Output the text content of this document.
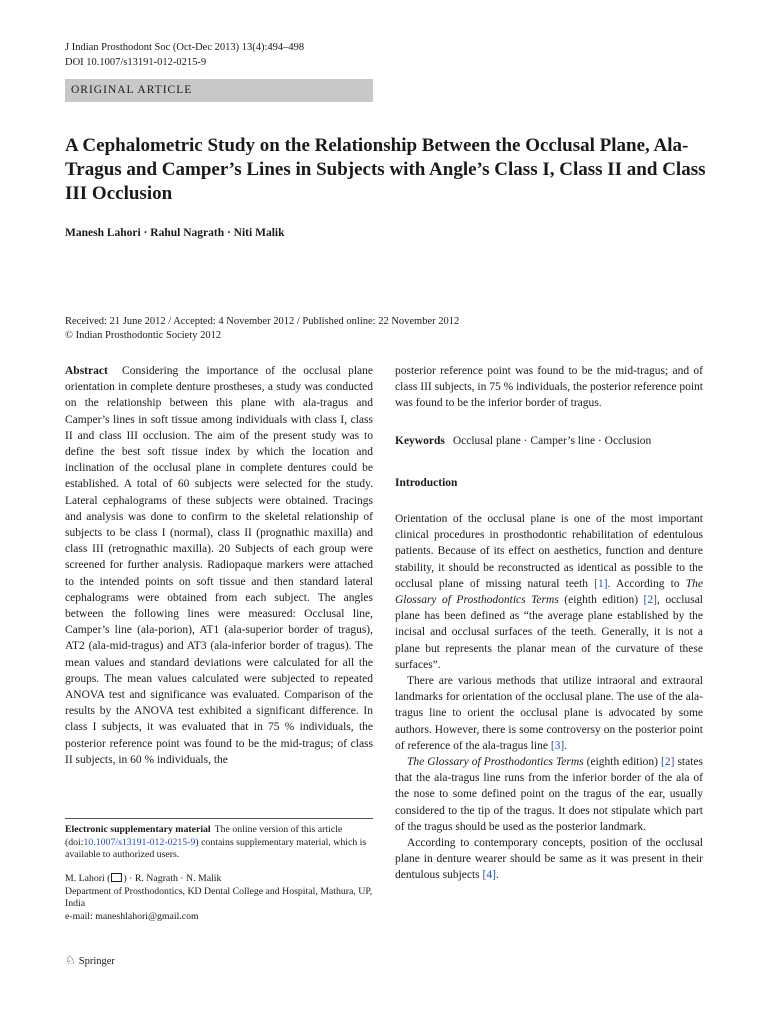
J Indian Prosthodont Soc (Oct-Dec 2013) 13(4):494–498
DOI 10.1007/s13191-012-0215-9
ORIGINAL ARTICLE
A Cephalometric Study on the Relationship Between the Occlusal Plane, Ala-Tragus and Camper’s Lines in Subjects with Angle’s Class I, Class II and Class III Occlusion
Manesh Lahori · Rahul Nagrath · Niti Malik
Received: 21 June 2012 / Accepted: 4 November 2012 / Published online: 22 November 2012
© Indian Prosthodontic Society 2012

Abstract Considering the importance of the occlusal plane orientation in complete denture prostheses, a study was conducted on the relationship between this plane with ala-tragus and Camper’s lines in soft tissue among individuals with class I, class II and class III occlusion. The aim of the present study was to define the best soft tissue index by which the location and inclination of the occlusal plane in complete dentures could be established. A total of 60 subjects were selected for the study. Lateral cephalograms of these subjects were obtained. Tracings and analysis was done to confirm to the skeletal relationship of subjects to be class I (normal), class II (prognathic maxilla) and class III (retrognathic maxilla). 20 Subjects of each group were screened for further analysis. Radiopaque markers were attached to the intended points on soft tissue and then standard lateral cephalograms were obtained from each subject. The angles between the following lines were measured: Occlusal line, Camper’s line (ala-porion), AT1 (ala-superior border of tragus), AT2 (ala-mid-tragus) and AT3 (ala-inferior border of tragus). The mean values and standard deviations were calculated for all the groups. The mean values calculated were subjected to repeated ANOVA test and significance was evaluated. Comparison of the results by the ANOVA test exhibited a significant difference. In class I subjects, it was evaluated that in 75 % individuals, the posterior reference point was found to be the mid-tragus; of class II subjects, in 60 % individuals, the

posterior reference point was found to be the mid-tragus; and of class III subjects, in 75 % individuals, the posterior reference point was found to be the inferior border of tragus.

Keywords Occlusal plane · Camper’s line · Occlusion

Introduction

Orientation of the occlusal plane is one of the most important clinical procedures in prosthodontic rehabilitation of edentulous patients. Because of its effect on aesthetics, function and denture stability, it should be reconstructed as identical as possible to the occlusal plane of missing natural teeth [1]. According to The Glossary of Prosthodontics Terms (eighth edition) [2], occlusal plane has been defined as “the average plane established by the incisal and occlusal surfaces of the teeth. Generally, it is not a plane but represents the planar mean of the curvature of these surfaces”.

There are various methods that utilize intraoral and extraoral landmarks for orientation of the occlusal plane. The use of the ala-tragus line to orient the occlusal plane is advocated by some authors. However, there is some controversy on the posterior point of reference of the ala-tragus line [3].

The Glossary of Prosthodontics Terms (eighth edition) [2] states that the ala-tragus line runs from the inferior border of the ala of the nose to some defined point on the tragus of the ear, usually considered to the tip of the tragus. It does not stipulate which part of the tragus should be used as the posterior landmark.

According to contemporary concepts, position of the occlusal plane in denture wearer should be same as it was present in their dentulous subjects [4].

Electronic supplementary material The online version of this article (doi:10.1007/s13191-012-0215-9) contains supplementary material, which is available to authorized users.
M. Lahori ( ) · R. Nagrath · N. Malik
Department of Prosthodontics, KD Dental College and Hospital, Mathura, UP, India
e-mail: maneshlahori@gmail.com
♘ Springer
